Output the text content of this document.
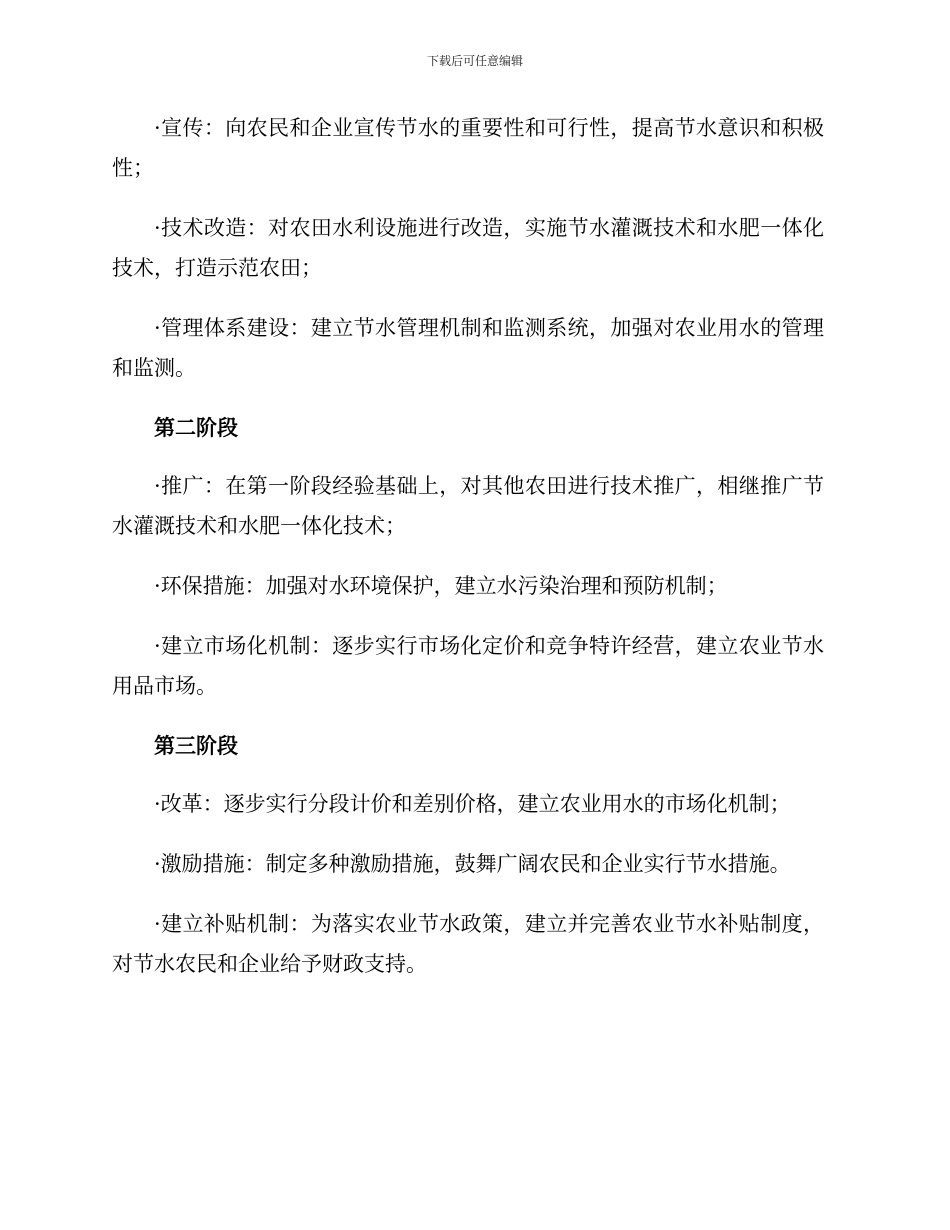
下载后可任意编辑

·宣传：向农民和企业宣传节水的重要性和可行性，提高节水意识和积极性；

·技术改造：对农田水利设施进行改造，实施节水灌溉技术和水肥一体化技术，打造示范农田；

·管理体系建设：建立节水管理机制和监测系统，加强对农业用水的管理和监测。

第二阶段

·推广：在第一阶段经验基础上，对其他农田进行技术推广，相继推广节水灌溉技术和水肥一体化技术；

·环保措施：加强对水环境保护，建立水污染治理和预防机制；

·建立市场化机制：逐步实行市场化定价和竞争特许经营，建立农业节水用品市场。

第三阶段

·改革：逐步实行分段计价和差别价格，建立农业用水的市场化机制；

·激励措施：制定多种激励措施，鼓舞广阔农民和企业实行节水措施。

·建立补贴机制：为落实农业节水政策，建立并完善农业节水补贴制度，对节水农民和企业给予财政支持。
